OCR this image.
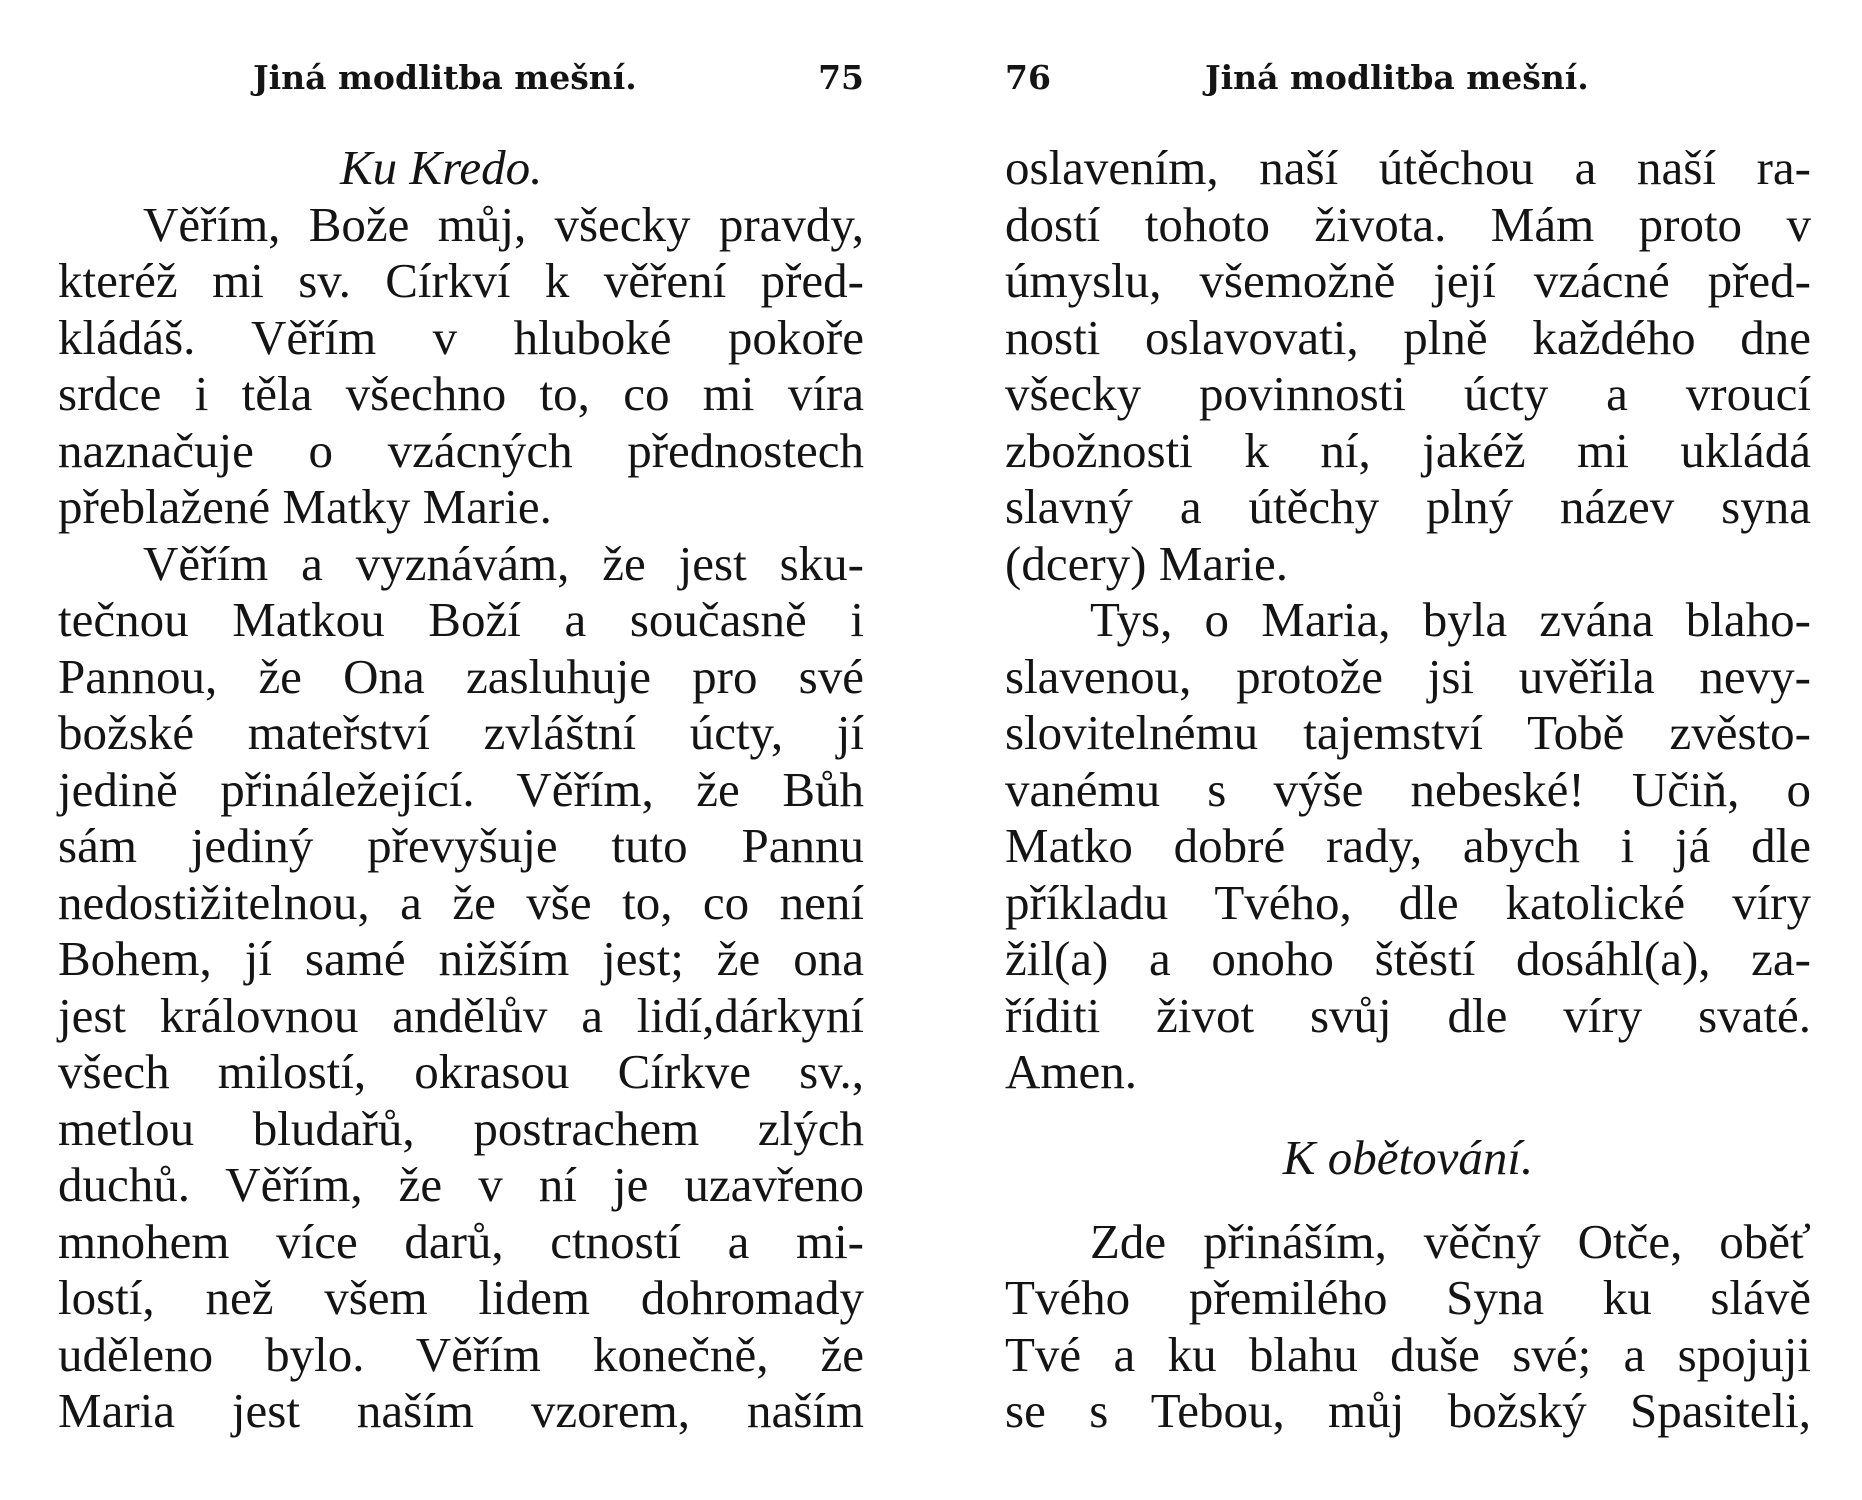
Jiná modlitba mešní.	75
Ku Kredo.
Věřím, Bože můj, všecky pravdy,
kteréž mi sv. Církví k věření před-
kládáš. Věřím v hluboké pokoře
srdce i těla všechno to, co mi víra
naznačuje o vzácných přednostech
přeblažené Matky Marie.
Věřím a vyznávám, že jest sku-
tečnou Matkou Boží a současně i
Pannou, že Ona zasluhuje pro své
božské mateřství zvláštní úcty, jí
jedině přináležející. Věřím, že Bůh
sám jediný převyšuje tuto Pannu
nedostižitelnou, a že vše to, co není
Bohem, jí samé nižším jest; že ona
jest královnou andělův a lidí,dárkyní
všech milostí, okrasou Církve sv.,
metlou bludařů, postrachem zlých
duchů. Věřím, že v ní je uzavřeno
mnohem více darů, ctností a mi-
lostí, než všem lidem dohromady
uděleno bylo. Věřím konečně, že
Maria jest naším vzorem, naším
76	Jiná modlitba mešní.
oslavením, naší útěchou a naší ra-
dostí tohoto života. Mám proto v
úmyslu, všemožně její vzácné před-
nosti oslavovati, plně každého dne
všecky povinnosti úcty a vroucí
zbožnosti k ní, jakéž mi ukládá
slavný a útěchy plný název syna
(dcery) Marie.
Tys, o Maria, byla zvána blaho-
slavenou, protože jsi uvěřila nevy-
slovitelnému tajemství Tobě zvěsto-
vanému s výše nebeské! Učiň, o
Matko dobré rady, abych i já dle
příkladu Tvého, dle katolické víry
žil(a) a onoho štěstí dosáhl(a), za-
říditi život svůj dle víry svaté.
Amen.
K obětování.
Zde přináším, věčný Otče, oběť
Tvého přemilého Syna ku slávě
Tvé a ku blahu duše své; a spojuji
se s Tebou, můj božský Spasiteli,
